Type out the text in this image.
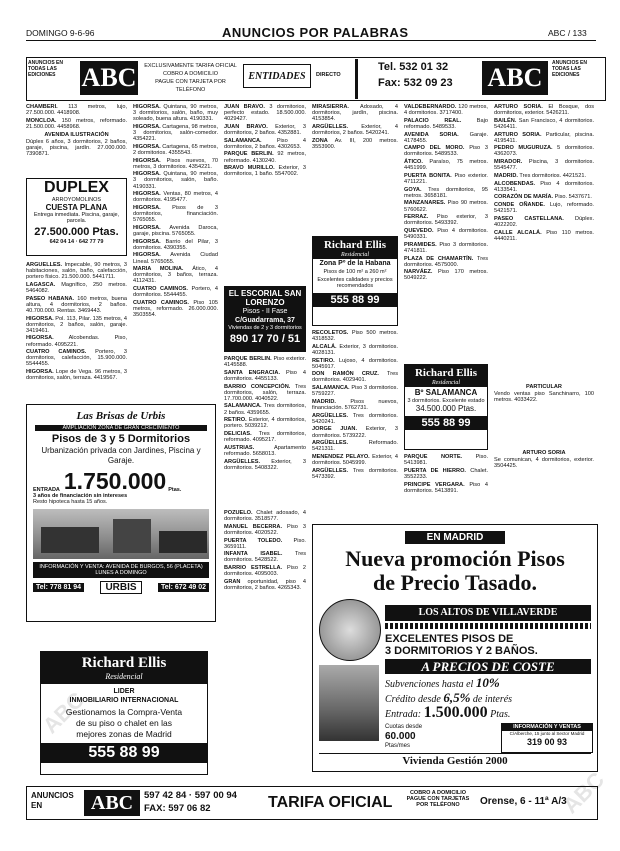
ABC
ABC
DOMINGO 9-6-96	ANUNCIOS POR PALABRAS	ABC / 133
ANUNCIOS EN TODAS LAS EDICIONES	ABC EXCLUSIVAMENTE TARIFA OFICIAL
COBRO A DOMICILIO
PAGUE CON TARJETA POR TELÉFONO
ENTIDADES	DIRECTO
Tel. 532 01 32
Fax: 532 09 23 ABC	ANUNCIOS EN TODAS LAS EDICIONES

CHAMBERI. 113 metros, lujo, 27.500.000. 4418908.

MONCLOA. 150 metros, reformado. 21.500.000. 4458968.

AVENIDA ILUSTRACIÓN

Dúplex 6 años, 3 dormitorios, 2 baños, garaje, piscina, jardín. 27.000.000. 7390871.

DUPLEX
ARROYOMOLINOS
CUESTA PLANA
Entrega inmediata. Piscina, garaje, parcela.
27.500.000 Ptas.
642 04 14 · 642 77 79

ARGÜELLES. Impecable, 90 metros, 3 habitaciones, salón, baño, calefacción, portero físico. 21.500.000. 5441711.

LAGASCA. Magnífico, 250 metros. 5464082.

PASEO HABANA. 160 metros, buena altura, 4 dormitorios, 2 baños. 40.700.000. Rentas. 3469443.

HIGORSA. Pol. 113, Pilar. 135 metros, 4 dormitorios, 2 baños, salón, garaje. 3419461.

HIGORSA.	Alcobendas. Piso, reformado. 4095221.

CUATRO CAMINOS. Portero, 3 dormitorios, calefacción, 15.900.000. 5544455.

HIGORSA. Lope de Vega. 96 metros, 3 dormitorios, salón, terraza. 4419567.

HIGORSA. Quintana, 90 metros, 3 dormitorios, salón, baño, muy soleado, buena altura. 4190331.

HIGORSA. Cartagena, 98 metros, 3 dormitorios, salón-comedor. 4354221.

HIGORSA. Cartagena, 65 metros, 2 dormitorios. 4355543.

HIGORSA. Pisos nuevos, 70 metros, 3 dormitorios. 4354221.

HIGORSA. Quintana, 90 metros, 3 dormitorios, salón, baño. 4190331.

HIGORSA. Ventas, 80 metros, 4 dormitorios. 4195477.

HIGORSA. Pisos de 3 dormitorios, financiación. 5765055.

HIGORSA. Avenida Daroca, garaje, piscina. 5765055.

HIGORSA. Barrio del Pilar, 3 dormitorios. 4390355.

HIGORSA. Avenida Ciudad Lineal. 5765055.

MARIA MOLINA. Ático, 4 dormitorios, 3 baños, terraza. 4112431.

CUATRO CAMINOS. Portero, 4 dormitorios. 5544455.

CUATRO CAMINOS. Piso 105 metros, reformado. 26.000.000. 3503554.

JUAN BRAVO. 3 dormitorios, perfecto estado. 18.500.000. 4029427.

JUAN BRAVO. Exterior, 3 dormitorios, 2 baños. 4352881.

SALAMANCA.	Piso 4 dormitorios, 2 baños. 4302653.

PARQUE BERLIN. 92 metros, reformado. 4130240.

BRAVO MURILLO. Exterior, 3 dormitorios, 1 baño. 5547002.

EL ESCORIAL SAN LORENZO
Pisos - II Fase
C/Guadarrama, 37
Viviendas de 2 y 3 dormitorios
890 17 70 / 51

PARQUE BERLIN. Piso exterior. 4145588.

SANTA ENGRACIA. Piso 4 dormitorios. 4455133.

BARRIO CONCEPCIÓN. Tres dormitorios, salón, terraza. 17.700.000. 4040522.

SALAMANCA. Tres dormitorios, 2 baños. 4359655.

RETIRO. Exterior, 4 dormitorios, portero. 5039212.

DELICIAS. Tres dormitorios, reformado. 4095217.

AUSTRIAS.	Apartamento reformado. 5658013.

ARGÜELLES. Exterior, 3 dormitorios. 5408322.

POZUELO. Chalet adosado, 4 dormitorios. 3518577.

MANUEL BECERRA. Piso 3 dormitorios. 4020522.

PUERTA TOLEDO. Piso. 3659111.

INFANTA ISABEL. Tres dormitorios. 5428522.

BARRIO ESTRELLA. Piso 2 dormitorios. 4095003.

GRAN oportunidad, piso 4 dormitorios, 2 baños. 4265343.

MIRASIERRA. Adosado, 4 dormitorios, jardín, piscina. 4153854.

ARGÜELLES. Exterior, 4 dormitorios, 2 baños. 5420241.

ZONA Av. III, 200 metros. 3553900.

Richard Ellis
Residencial
Zona Pº de la Habana
Pisos de 100 m² a 260 m²
Excelentes calidades y precios recomendados
555 88 99

RECOLETOS. Piso 500 metros. 4318532.

ALCALÁ. Exterior, 3 dormitorios. 4028131.

RETIRO. Lujoso, 4 dormitorios. 5045917.

DON RAMÓN CRUZ. Tres dormitorios. 4029401.

SALAMANCA. Piso 3 dormitorios. 5759227.

MADRID.	Pisos nuevos, financiación. 5762731.

ARGÜELLES. Tres dormitorios. 5420241.

JORGE JUAN. Exterior, 3 dormitorios. 5739222.

ARGÜELLES.	Reformado. 5421311.

MENENDEZ PELAYO. Exterior, 4 dormitorios. 5045999.

ARGÜELLES. Tres dormitorios. 5473392.

VALDEBERNARDO. 120 metros, 4 dormitorios. 3717400.

PALACIO REAL.	Bajo reformado. 5489533.

AVENIDA SORIA. Garaje. 4178455.

CAMPO DEL MORO. Piso 3 dormitorios. 5489533.

ÁTICO. Paraíso, 75 metros. 4451999.

PUERTA BONITA. Piso exterior. 4711221.

GOYA. Tres dormitorios, 95 metros. 3658181.

MANZANARES. Piso 90 metros. 5760622.

FERRAZ. Piso exterior, 3 dormitorios. 5493392.

QUEVEDO. Piso 4 dormitorios. 5490331.

PIRAMIDES. Piso 3 dormitorios. 4741811.

PLAZA DE CHAMARTÍN. Tres dormitorios. 4575000.

NARVÁEZ. Piso 170 metros. 5049222.

Richard Ellis
Residencial
Bº SALAMANCA
3 dormitorios. Excelente estado
34.500.000 Ptas.
555 88 99

PARQUE NORTE. Piso. 5413981.

PUERTA DE HIERRO. Chalet. 3552233.

PRINCIPE VERGARA. Piso 4 dormitorios. 5413891.

ARTURO SORIA. El Bosque, dos dormitorios, exterior. 5426211.

BAILÉN. San Francisco, 4 dormitorios. 5426411.

ARTURO SORIA. Particular, piscina. 4195411.

PEDRO MUGURUZA. 5 dormitorios. 4362073.

MIRADOR. Piscina, 3 dormitorios. 5545477.

MADRID. Tres dormitorios. 4421521.

ALCOBENDAS. Piso 4 dormitorios. 4133541.

CORAZÓN DE MARÍA. Piso. 5437671.

CONDE OÑANDE. Lujo, reformado. 5421571.

PASEO CASTELLANA. Dúplex. 4022202.

CALLE ALCALÁ. Piso 110 metros. 4440211.

PARTICULAR

Vendo ventas piso Sanchinarro, 100 metros. 4033422.

ARTURO SORIA

Se comunican, 4 dormitorios, exterior. 3504425.

Las Brisas de Urbis
AMPLIACIÓN ZONA DE GRAN CRECIMIENTO
Pisos de 3 y 5 Dormitorios
Urbanización privada con Jardines, Piscina y Garaje.
ENTRADA 1.750.000 Ptas.
3 años de financiación sin intereses
Resto hipoteca hasta 15 años.
INFORMACIÓN Y VENTA: AVENIDA DE BURGOS, 56 (PLACETA) LUNES A DOMINGO
Tel: 778 81 94	URBIS	Tel: 672 49 02
Richard Ellis
Residencial
LIDER
INMOBILIARIO INTERNACIONAL
Gestionamos la Compra-Venta
de su piso o chalet en las
mejores zonas de Madrid
555 88 99
EN MADRID
Nueva promoción Pisos
de Precio Tasado.
LOS ALTOS DE VILLAVERDE
EXCELENTES PISOS DE
3 DORMITORIOS Y 2 BAÑOS.
A PRECIOS DE COSTE
Subvenciones hasta el 10%
Crédito desde 6,5% de interés
Entrada: 1.500.000 Ptas.
Cuotas desde
60.000
Ptas/mes
INFORMACIÓN Y VENTAS
C/Alberche, 15 junto al Sector Madrid
319 00 93
Vivienda Gestión 2000
ANUNCIOS EN	ABC	597 42 84 · 597 00 94
FAX: 597 06 82	TARIFA OFICIAL
COBRO A DOMICILIO
PAGUE CON TARJETAS
POR TELÉFONO	Orense, 6 - 11ª A/3
